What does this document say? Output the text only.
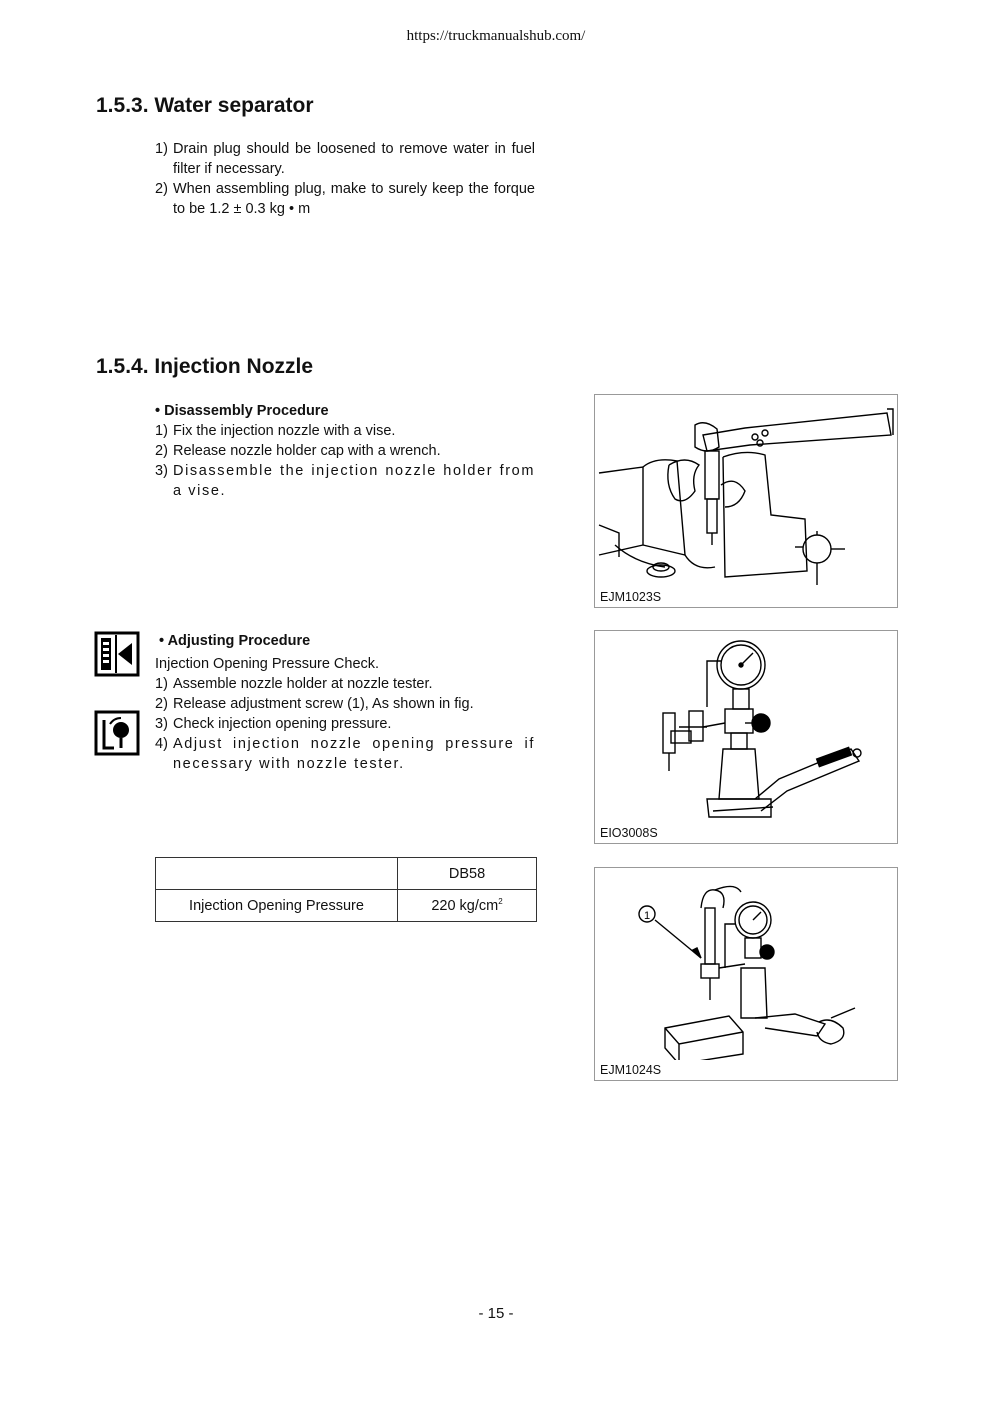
https://truckmanualshub.com/
1.5.3. Water separator
1) Drain plug should be loosened to remove water in fuel filter if necessary.
2) When assembling plug, make to surely keep the forque to be 1.2 ± 0.3 kg • m
1.5.4. Injection Nozzle
• Disassembly Procedure
1) Fix the injection nozzle with a vise.
2) Release nozzle holder cap with a wrench.
3) Disassemble the injection nozzle holder from a vise.
• Adjusting Procedure
Injection Opening Pressure Check.
1) Assemble nozzle holder at nozzle tester.
2) Release adjustment screw (1), As shown in fig.
3) Check injection opening pressure.
4) Adjust injection nozzle opening pressure if necessary with nozzle tester.
	DB58
Injection Opening Pressure	220 $kg/cm^2$
EJM1023S
EIO3008S
1
EJM1024S
- 15 -
